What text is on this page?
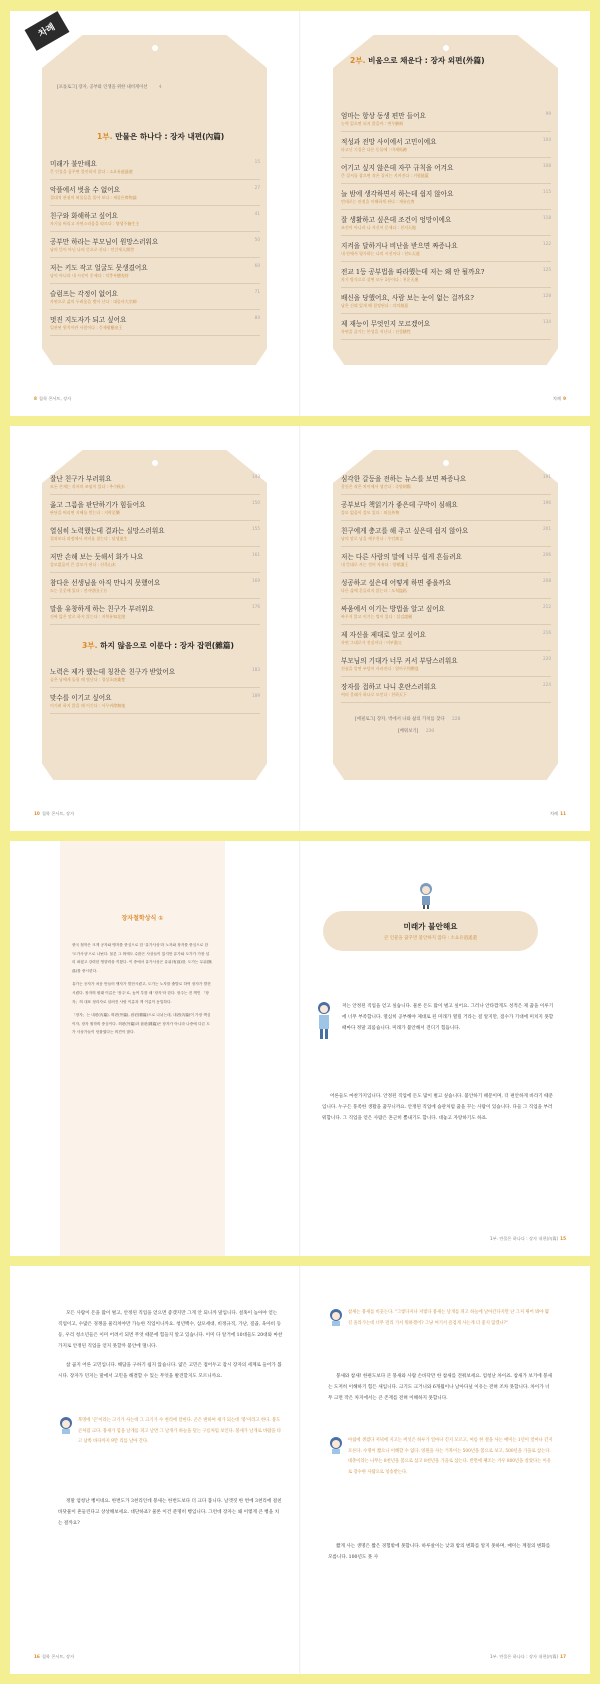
차례
[프롤로그] 장자, 공부와 인생을 위한 내비게이션	4
1부. 만물은 하나다 : 장자 내편(內篇)
미래가 불안해요
큰 인물을 꿈꾸면 불안하지 않다 : 소요유逍遙遊
15
악플에서 벗을 수 없어요
절대적 관점의 허물들을 풀어 보다 : 제물론齊物論
27
친구와 화해하고 싶어요
자기를 버리고 자연스러움을 따르다 : 양생주養生主
41
공부만 하라는 부모님이 원망스러워요
남의 뜻이 아닌 나의 뜻으로 산다 : 인간세人間世
50
저는 키도 작고 얼굴도 못생겼어요
남이 아니라 내 시선이 문제다 : 덕충부德充符
60
슬럼프는 각정이 없어요
자연으로 삶의 두려움을 벗어 난다 : 대종사大宗師
71
멋진 지도자가 되고 싶어요
일관된 원칙이란 사람이다 : 응제왕應帝王
84
2부. 비움으로 채운다 : 장자 외편(外篇)
엄마는 항상 동생 편만 들어요
능력 있으면 되지 않을까 : 변무騈拇
99
적성과 전망 사이에서 고민이에요
타고난 기질은 다른 동물에 : 마제馬蹄
104
어기고 싶지 않은데 자꾸 규칙을 어겨요
큰 질서를 잡으면 작은 질서는 지켜진다 : 거협胠篋
108
늘 밤에 생각하면서 하는데 쉽지 않아요
빈데로는 관점을 이해하게 된다 : 재유在宥
115
잘 생활하고 싶은데 조건이 엉망이에요
조건이 아니라 나 자신이 문제다 : 천지天地
118
지켜을 달하거나 비난을 받으면 짜증나요
내 안에서 평가하는 나의 시선이다 : 천도天道
122
전교 1등 공부법을 따라했는데 저는 왜 안 될까요?
자기 방식으로 살면 모두 1등이다 : 천운天運
125
배신을 당했어요, 사람 보는 눈이 없는 걸까요?
남은 신뢰 있게 해 결정된다 : 각의刻意
128
제 재능이 무엇인지 모르겠어요
자연을 즐기는 본성을 지닌다 : 선성繕性
134
8 철학 콘서트, 장자	차례 9
잘난 친구가 부러워요
모든 존재는 각자의 쓰임이 있다 : 추수秋水
143
옳고 그름을 판단하기가 힘들어요
판단을 버리면 지혜를 얻는다 : 지락至樂
150
열심히 노력했는데 결과는 실망스러워요
결과보다 과정에서 의미를 찾는다 : 달생達生
155
저만 손해 보는 듯해서 화가 나요
쓸모없음이 큰 쓸모가 된다 : 산목山木
161
참다운 선생님을 아직 만나지 못했어요
도는 곳곳에 있다 : 전자방田子方
169
말을 유창하게 하는 친구가 부러워요
진짜 앎은 말로 하지 않는다 : 지북유知北遊
176
3부. 하지 않음으로 이룬다 : 장자 잡편(雜篇)
노력은 제가 했는데 칭찬은 친구가 받았어요
공은 남에게 돌릴 때 빛난다 : 경상초庚桑楚
183
맞수를 이기고 싶어요
이기려 하지 않을 때 이긴다 : 서무귀徐無鬼
189
심각한 갈등을 전하는 뉴스를 보면 짜증나요
갈등은 작은 차이에서 생긴다 : 즉양則陽
191
공부보다 책읽기가 좋은데 구박이 심해요
쓸모 없음이 쓸모 있다 : 외물外物
196
친구에게 충고를 해 주고 싶은데 쉽지 않아요
남의 말로 남을 깨우친다 : 우언寓言
201
저는 다른 사람의 말에 너무 쉽게 흔들려요
내 뜻대로 사는 것이 자유다 : 양왕讓王
206
성공하고 싶은데 어떻게 하면 좋을까요
다른 삶에 흔들리지 않는다 : 도척盜跖
208
싸움에서 이기는 방법을 알고 싶어요
싸우지 않고 이기는 법이 있다 : 설검說劍
212
제 자신을 제대로 알고 싶어요
자연 그대로가 진실이다 : 어부漁父
216
부모님의 기대가 너무 커서 부담스러워요
진심을 알면 부담이 사라진다 : 열어구列禦寇
220
장자를 접하고 나니 혼란스러워요
여러 갈래가 하나로 모인다 : 천하天下
224
[에필로그] 장자, 벽에서 나와 삶의 가치를 찾다 228
[배워보기] 230
10 철학 콘서트, 장자	차례 11
장자철학상식 ①

중국 철학은 크게 공자와 맹자를 중심으로 한 '유가사상'과 노자와 장자를 중심으로 한 '도가사상'으로 나뉜다. 물론 그 외에도 수많은 사상들이 있지만 유가와 도가가 가장 널리 퍼졌고 강력한 영향력을 끼쳤다. 이 중에서 유가사상은 유위(有爲)를, 도가는 무위(無爲)를 중시한다.

유가는 공자가 처음 만들어 맹자가 발전시켰고, 도가는 노자를 출발로 하여 장자가 발전시켰다. 장자의 원래 이름은 '장주'로, 높여 부를 때 '장자'라 한다. 장주는 전 책인 「장자」의 대표 정리자로 알려진 사람 이름과 책 이름이 동일하다.

「장자」는 내편(內篇), 외편(外篇), 잡편(雜篇)으로 나뉘는데, 내편(內篇)이 가장 핵심이자, 장자 철학의 중심이다. 외편(外篇)과 잡편(雜篇)은 장자가 아니라 나중에 다른 도가 사상가들이 덧붙였다는 의견이 많다.

미래가 불안해요
큰 인물을 꿈꾸면 불안하지 않다 : 소요유逍遙遊

저는 안정된 직업을 얻고 싶습니다. 물론 돈도 많이 벌고 싶어요. 그러나 안타깝게도 성적은 제 꿈을 이루기에 너무 부족합니다. 열심히 공부해야 제대로 된 미래가 열릴 거라는 걸 알지만, 점수가 기대에 미치지 못할 때마다 정말 괴롭습니다. 미래가 불안해서 견디기 힘듭니다.

어른들도 마찬가지입니다. 안정된 직업에 돈도 많이 벌고 싶습니다. 불안하기 때문이며, 더 편안하게 바라기 때문입니다. 누구든 풍족한 생활을 꿈꾸니까요. 안정된 직업에 습관처럼 꿈을 꾸는 사람이 있습니다. 다들 그 직업을 부러워합니다. 그 직업을 얻은 사람은 혼근히 뽐내기도 합니다. 대놓고 자랑하기도 하죠.

1부. 만물은 하나다 : 장자 내편(內篇) 15

모든 사람이 돈을 많이 벌고, 안정된 직업을 얻으면 좋겠지만 그게 안 되니까 말입니다. 설혹이 높아야 얻는 직업이고, 수많은 경쟁을 물리쳐야만 가능한 직업이니까요. 청년백수, 삼포세대, 비정규직, 가난, 질곱, 육아비 등등, 우리 청소년들은 이미 어려서 되면 무엇 때문에 힘들지 알고 있습니다. 이미 다 알거에 10대들도 20대와 마찬가지로 안정된 직업을 얻지 못할까 불안에 떨니다.

참 곱지 어른 고민입니다. 해답을 구하기 쉽지 않습니다. 얇은 고민은 접어두고 잠시 장자의 세계로 들어가 봅시다. 장자가 던지는 말에서 고민을 해결할 수 있는 무엇을 발견할지도 모르니까요.

북명에 '곤'이라는 고기가 사는데 그 크기가 수 천리에 달한다. 곤은 변하여 새가 되는데 '붕'이라고 한다. 붕도 곤처럼 크다. 붕새가 힘을 날개를 펴고 날면 그 날개가 하늘을 덮는 구름처럼 보인다. 붕새가 날개로 바람을 타고 남쪽 바다까지 9만 리를 날아 간다.

정말 엄청난 뻥이네요. 한번도가 3천리인데 붕새는 한번도보다 더 크다 봅니다. 날갯짓 한 번에 3천리에 걸친 바닷물이 흔들린다고 상상해보세요. 대단하죠? 물론 이건 분명히 뻥입니다. 그런데 장자는 왜 이렇게 큰 뻥을 치는 걸까요?

참새는 붕새를 비웃는다. "그렇다지나 저렇다 붕새는 날개를 펴고 하늘에 날아간다지만 난 그저 뛰어 봐야 몇 길 올라가는데 너무 멀리 가서 뭐하겠어? 그냥 여기서 즐겁게 사는게 더 좋지 않겠나?"

붕새와 참새! 한편도보다 큰 붕새와 사람 손바닥만 한 참새를 견줘보세요. 엄청난 차이죠. 참새가 보기에 붕새는 도저히 이해하기 힘든 새입니다. 크기도 크거니와 6개월이나 날아다닐 이유는 전혀 조차 못합니다. 차이가 너무 크면 작은 차지에서는 큰 존재를 전혀 이해하지 못합니다.

아침에 생겼다 저녁에 지고는 버섯은 하루가 얼마나 긴지 모르고, 여름 한 철을 사는 매미는 1년이 얼마나 긴지 모른다. 수명이 짧으니 이해할 수 없다. 영원을 사는 거북이는 500년을 봄으로 보고, 500년을 가을로 삼는다. 대춘이라는 나무는 8천년을 봄으로 삼고 8천년을 가을로 삼는다. 반면에 팽조는 겨우 800년을 살았다는 이유로 장수한 사람으로 칭송받는다.

짧게 사는 생명은 짧은 경험밖에 못합니다. 하루살이는 낮과 밤의 변화를 알지 못하며, 매미는 계절의 변화를 모릅니다. 100년도 못 사

16 철학 콘서트, 장자	1부. 만물은 하나다 : 장자 내편(內篇) 17
